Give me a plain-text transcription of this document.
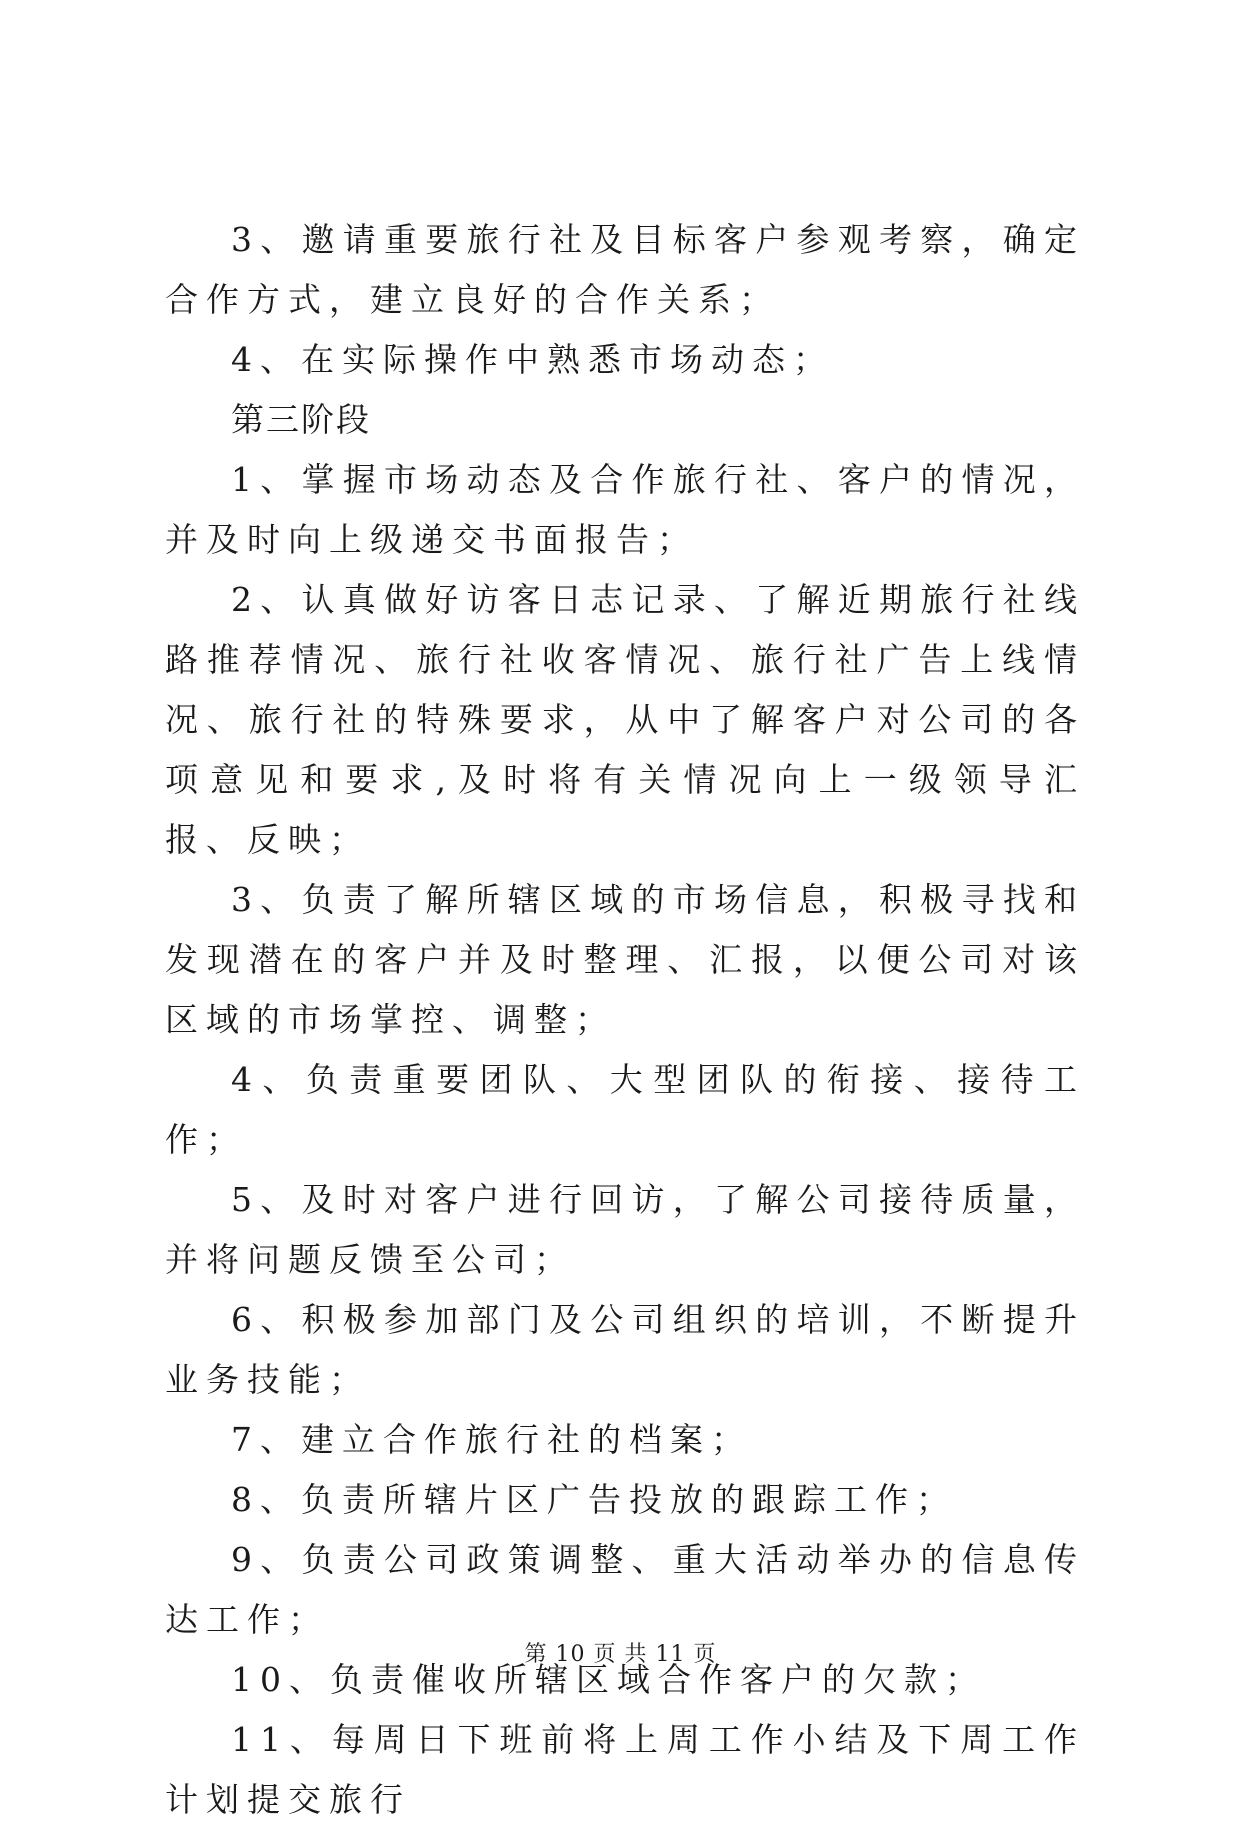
3、邀请重要旅行社及目标客户参观考察，确定合作方式，建立良好的合作关系；

4、在实际操作中熟悉市场动态；

第三阶段

1、掌握市场动态及合作旅行社、客户的情况，并及时向上级递交书面报告；

2、认真做好访客日志记录、了解近期旅行社线路推荐情况、旅行社收客情况、旅行社广告上线情况、旅行社的特殊要求，从中了解客户对公司的各项意见和要求,及时将有关情况向上一级领导汇报、反映；

3、负责了解所辖区域的市场信息，积极寻找和发现潜在的客户并及时整理、汇报，以便公司对该区域的市场掌控、调整；

4、负责重要团队、大型团队的衔接、接待工作；

5、及时对客户进行回访，了解公司接待质量，并将问题反馈至公司；

6、积极参加部门及公司组织的培训，不断提升业务技能；

7、建立合作旅行社的档案；

8、负责所辖片区广告投放的跟踪工作；

9、负责公司政策调整、重大活动举办的信息传达工作；

10、负责催收所辖区域合作客户的欠款；

11、每周日下班前将上周工作小结及下周工作计划提交旅行

第 10 页 共 11 页
